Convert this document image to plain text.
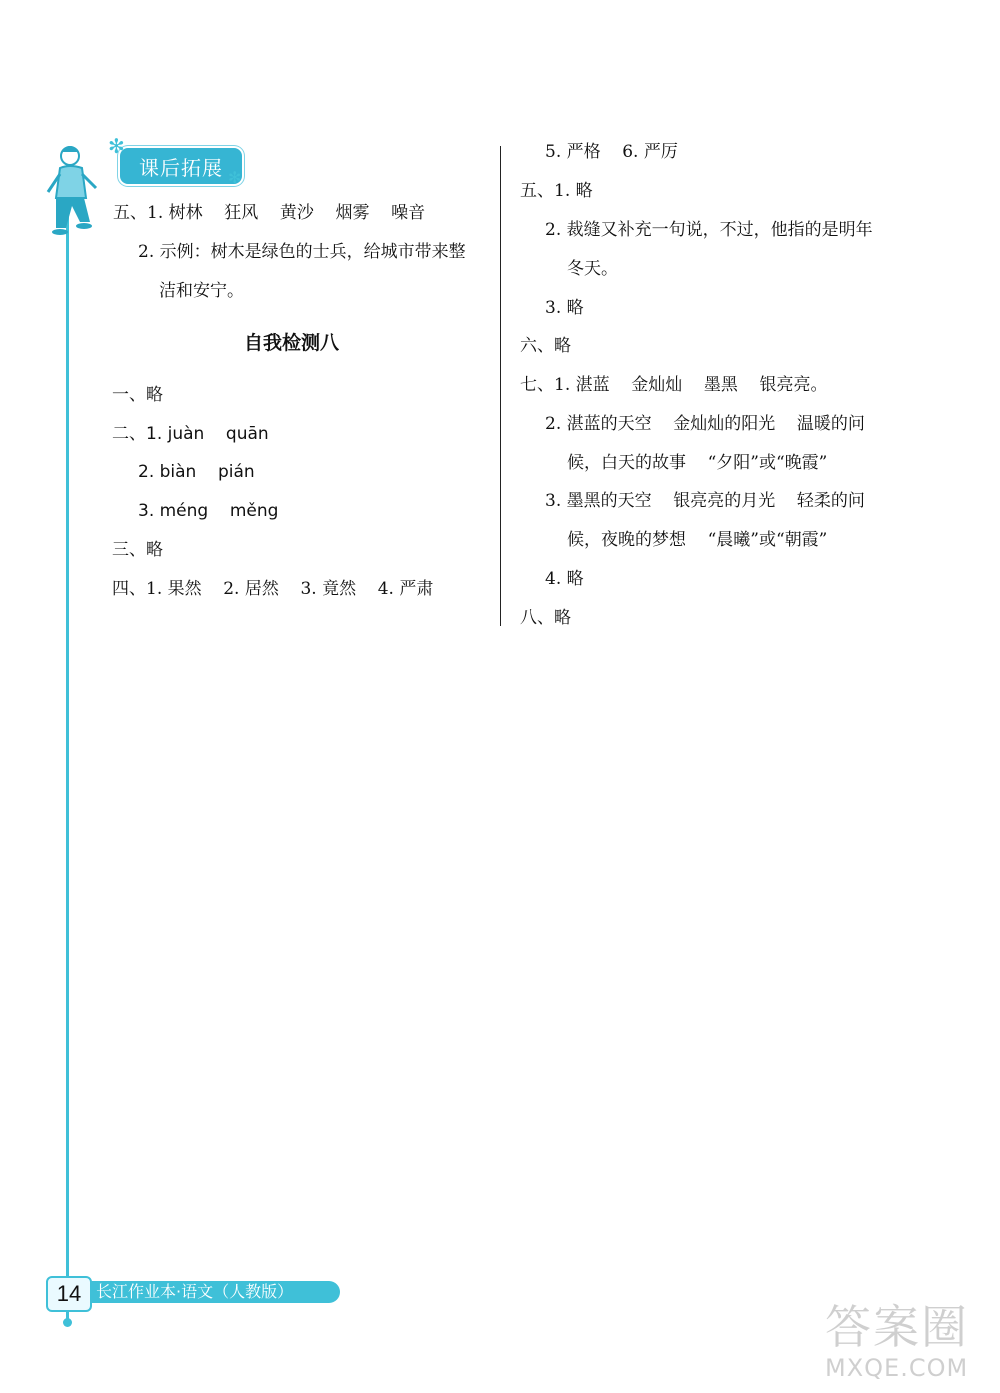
课后拓展
✻
✻
五、1. 树林    狂风    黄沙    烟雾    噪音
2. 示例：树木是绿色的士兵，给城市带来整
洁和安宁。
自我检测八
一、略
二、1. juàn    quān
2. biàn    pián
3. méng    měng
三、略
四、1. 果然    2. 居然    3. 竟然    4. 严肃
5. 严格    6. 严厉
五、1. 略
2. 裁缝又补充一句说，不过，他指的是明年
冬天。
3. 略
六、略
七、1. 湛蓝    金灿灿    墨黑    银亮亮。
2. 湛蓝的天空    金灿灿的阳光    温暖的问
候，白天的故事    “夕阳”或“晚霞”
3. 墨黑的天空    银亮亮的月光    轻柔的问
候，夜晚的梦想    “晨曦”或“朝霞”
4. 略
八、略
长江作业本·语文（人教版）
14
答案圈
MXQE.COM
